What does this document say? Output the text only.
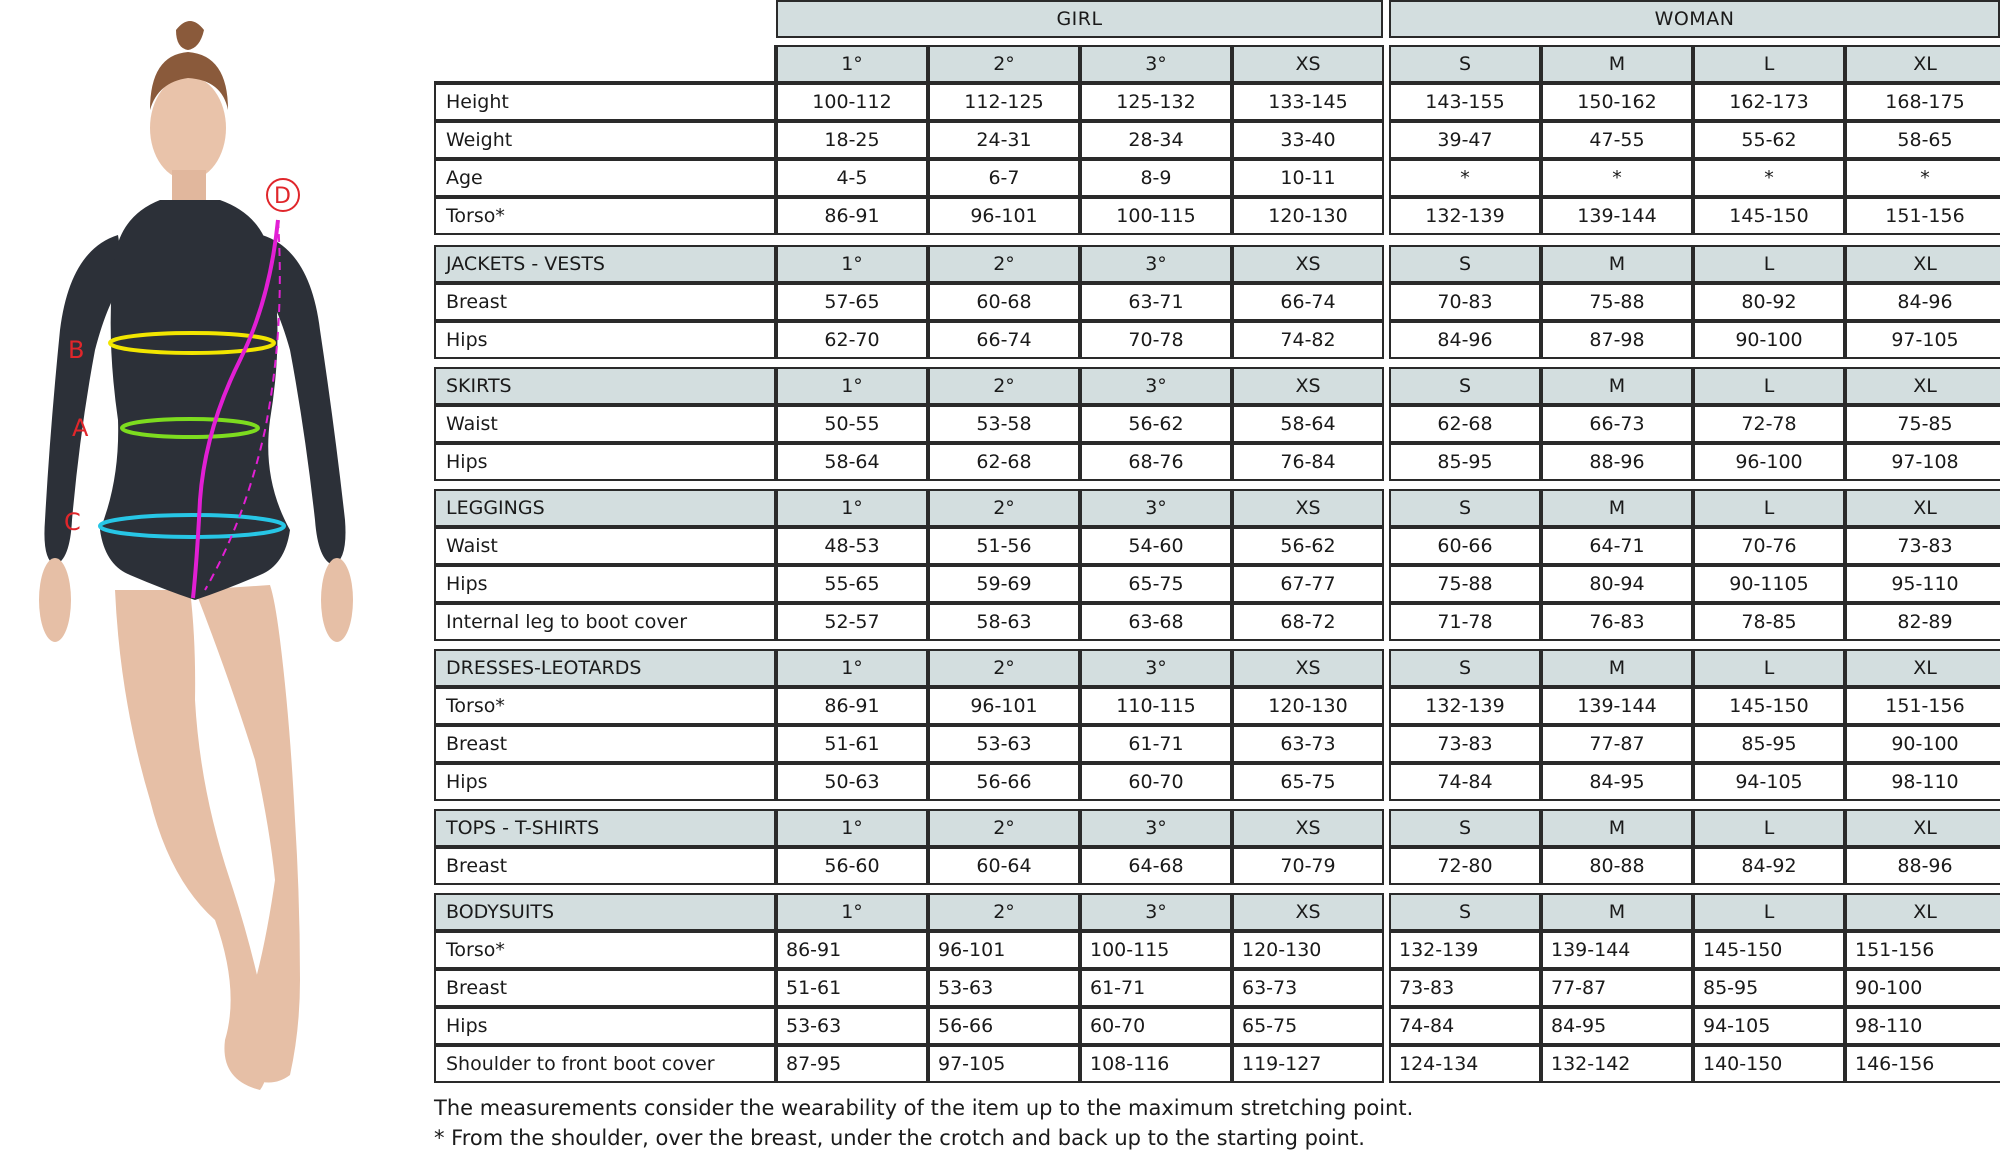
B
A
C
D
GIRL	WOMAN
1°	2°	3°	XS	S	M	L	XL
Height	100-112	112-125	125-132	133-145	143-155	150-162	162-173	168-175
Weight	18-25	24-31	28-34	33-40	39-47	47-55	55-62	58-65
Age	4-5	6-7	8-9	10-11	*	*	*	*
Torso*	86-91	96-101	100-115	120-130	132-139	139-144	145-150	151-156
JACKETS - VESTS	1°	2°	3°	XS	S	M	L	XL
Breast	57-65	60-68	63-71	66-74	70-83	75-88	80-92	84-96
Hips	62-70	66-74	70-78	74-82	84-96	87-98	90-100	97-105
SKIRTS	1°	2°	3°	XS	S	M	L	XL
Waist	50-55	53-58	56-62	58-64	62-68	66-73	72-78	75-85
Hips	58-64	62-68	68-76	76-84	85-95	88-96	96-100	97-108
LEGGINGS	1°	2°	3°	XS	S	M	L	XL
Waist	48-53	51-56	54-60	56-62	60-66	64-71	70-76	73-83
Hips	55-65	59-69	65-75	67-77	75-88	80-94	90-1105	95-110
Internal leg to boot cover	52-57	58-63	63-68	68-72	71-78	76-83	78-85	82-89
DRESSES-LEOTARDS	1°	2°	3°	XS	S	M	L	XL
Torso*	86-91	96-101	110-115	120-130	132-139	139-144	145-150	151-156
Breast	51-61	53-63	61-71	63-73	73-83	77-87	85-95	90-100
Hips	50-63	56-66	60-70	65-75	74-84	84-95	94-105	98-110
TOPS - T-SHIRTS	1°	2°	3°	XS	S	M	L	XL
Breast	56-60	60-64	64-68	70-79	72-80	80-88	84-92	88-96
BODYSUITS	1°	2°	3°	XS	S	M	L	XL
Torso*	86-91	96-101	100-115	120-130	132-139	139-144	145-150	151-156
Breast	51-61	53-63	61-71	63-73	73-83	77-87	85-95	90-100
Hips	53-63	56-66	60-70	65-75	74-84	84-95	94-105	98-110
Shoulder to front boot cover	87-95	97-105	108-116	119-127	124-134	132-142	140-150	146-156
The measurements consider the wearability of the item up to the maximum stretching point.
* From the shoulder, over the breast, under the crotch and back up to the starting point.
